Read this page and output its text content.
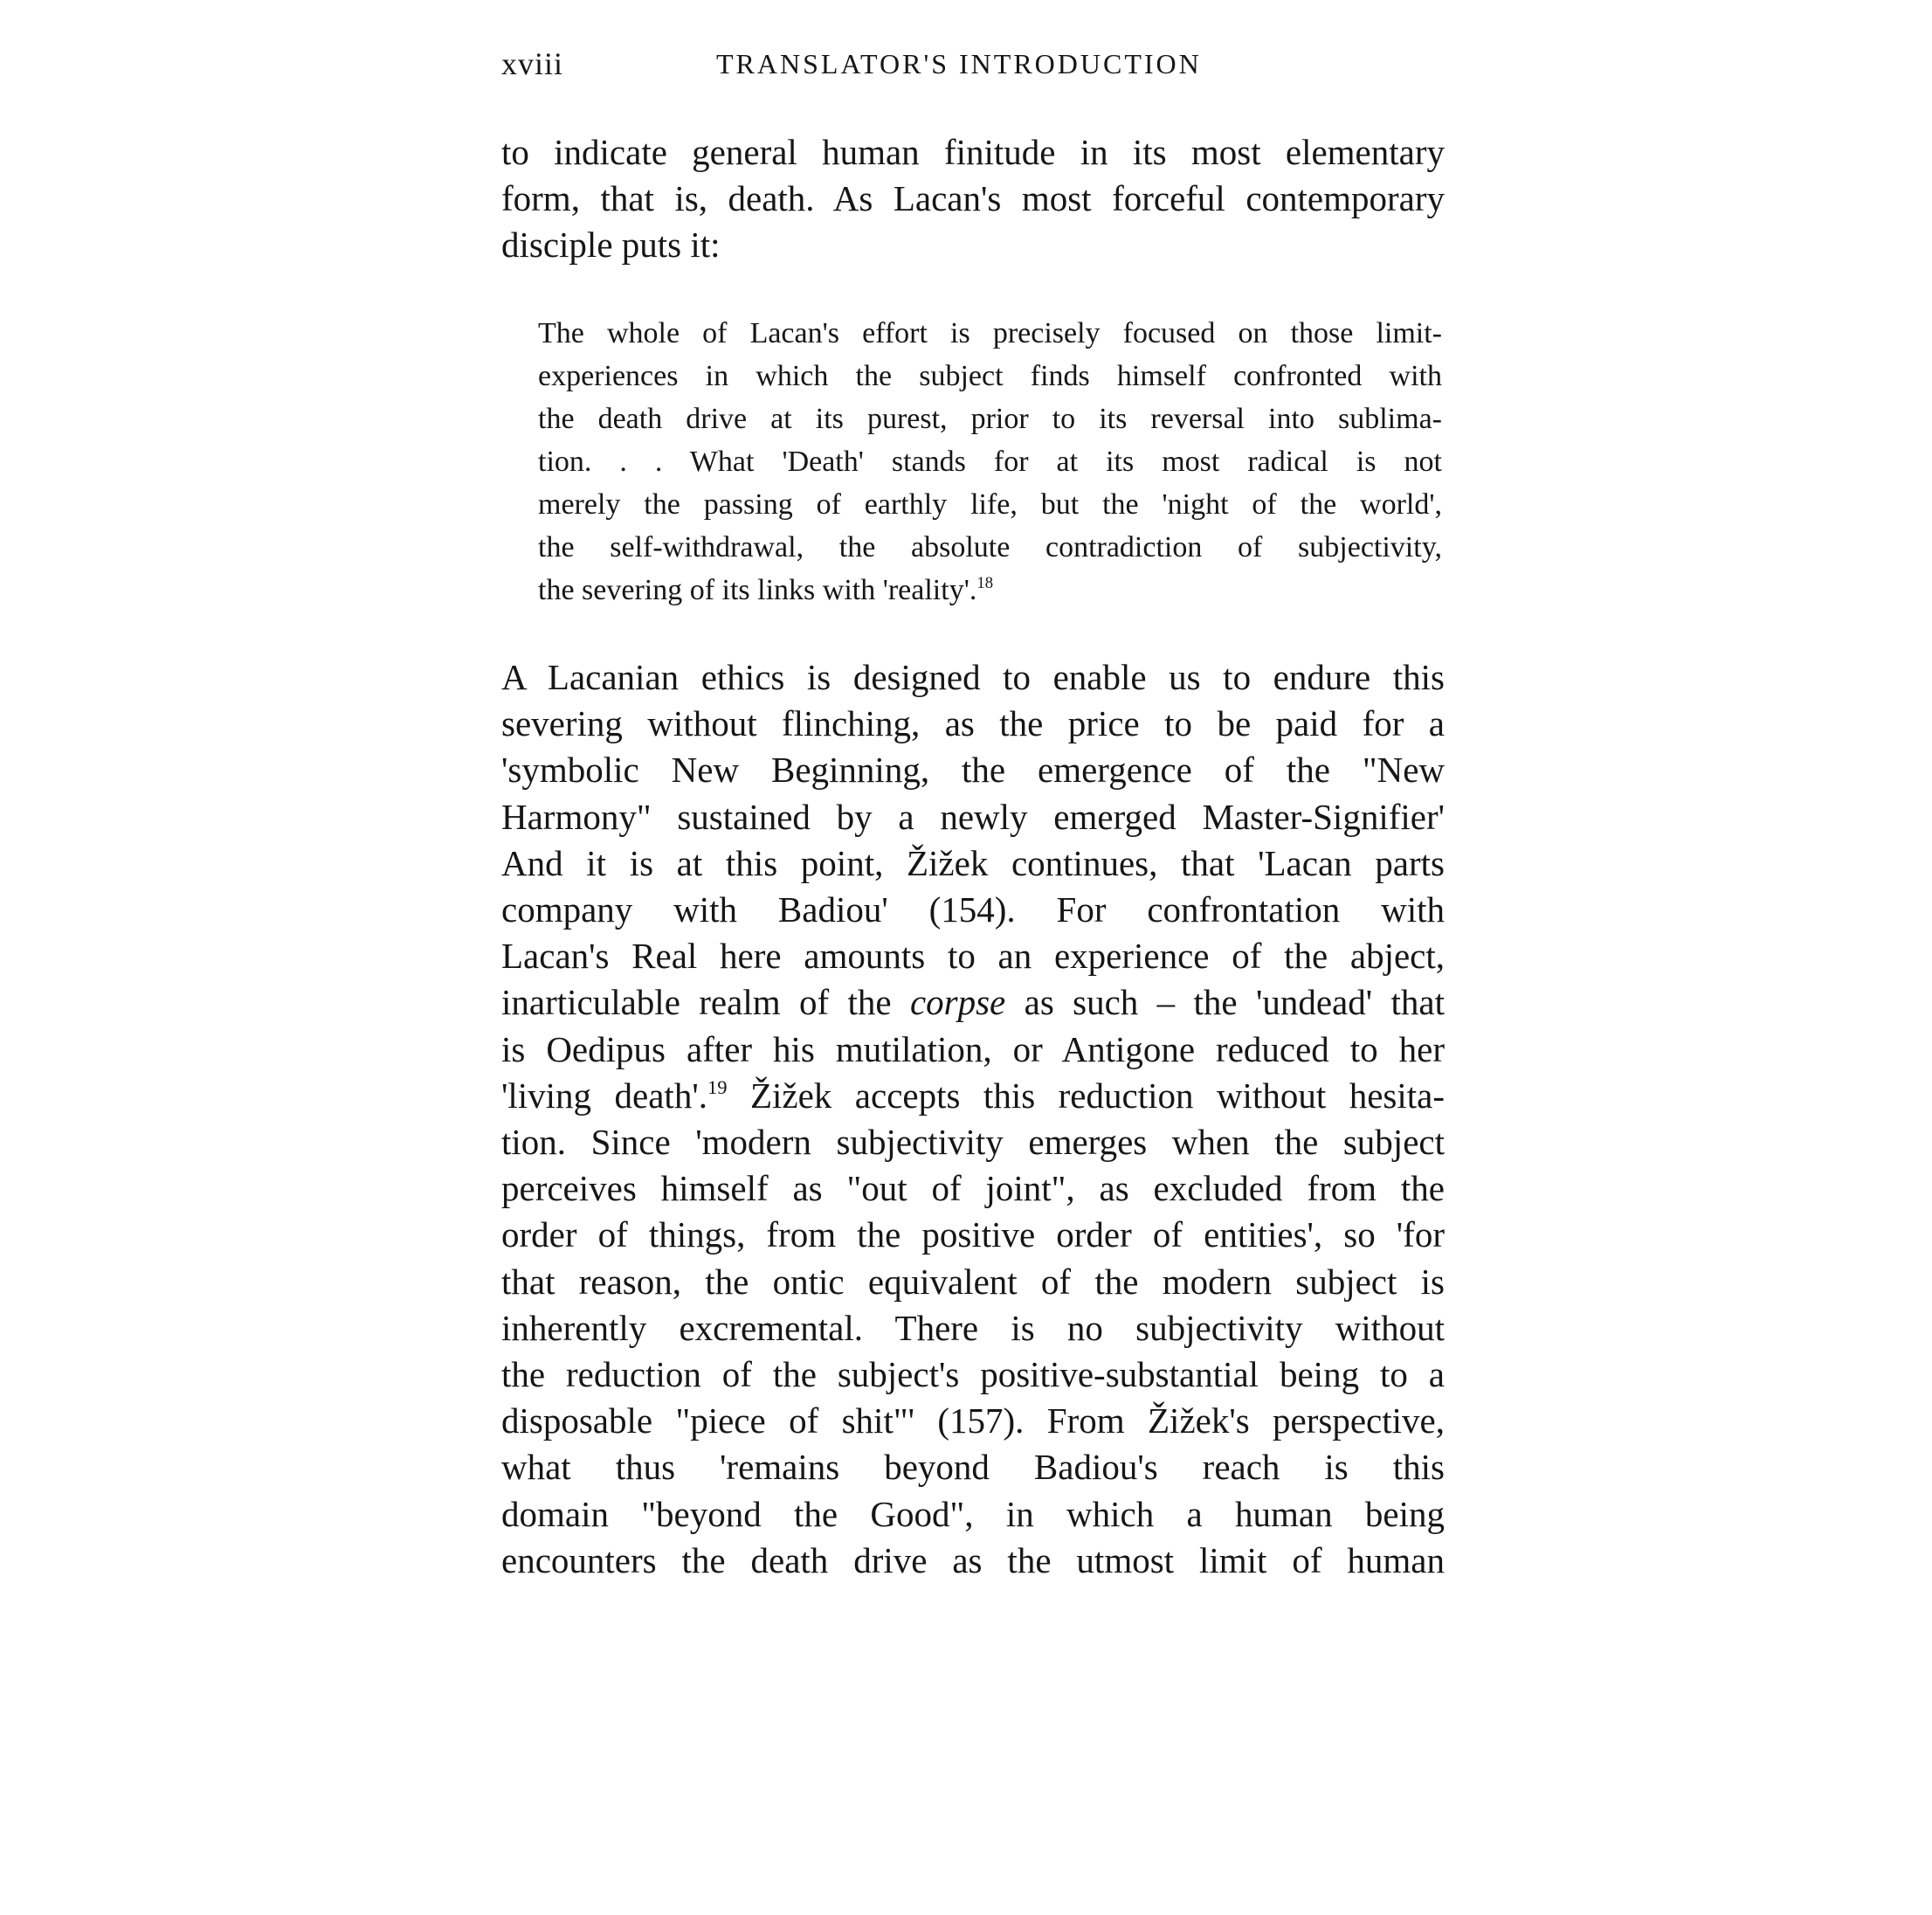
xviii	TRANSLATOR'S INTRODUCTION

to indicate general human finitude in its most elementary
form, that is, death. As Lacan's most forceful contemporary
disciple puts it:

The whole of Lacan's effort is precisely focused on those limit-
experiences in which the subject finds himself confronted with
the death drive at its purest, prior to its reversal into sublima-
tion. . . What 'Death' stands for at its most radical is not
merely the passing of earthly life, but the 'night of the world',
the self-withdrawal, the absolute contradiction of subjectivity,
the severing of its links with 'reality'.$^{18}$

A Lacanian ethics is designed to enable us to endure this
severing without flinching, as the price to be paid for a
'symbolic New Beginning, the emergence of the "New
Harmony" sustained by a newly emerged Master-Signifier'
And it is at this point, Žižek continues, that 'Lacan parts
company with Badiou' (154). For confrontation with
Lacan's Real here amounts to an experience of the abject,
inarticulable realm of the corpse as such – the 'undead' that
is Oedipus after his mutilation, or Antigone reduced to her
'living death'.$^{19}$ Žižek accepts this reduction without hesita-
tion. Since 'modern subjectivity emerges when the subject
perceives himself as "out of joint", as excluded from the
order of things, from the positive order of entities', so 'for
that reason, the ontic equivalent of the modern subject is
inherently excremental. There is no subjectivity without
the reduction of the subject's positive-substantial being to a
disposable "piece of shit"' (157). From Žižek's perspective,
what thus 'remains beyond Badiou's reach is this
domain "beyond the Good", in which a human being
encounters the death drive as the utmost limit of human
